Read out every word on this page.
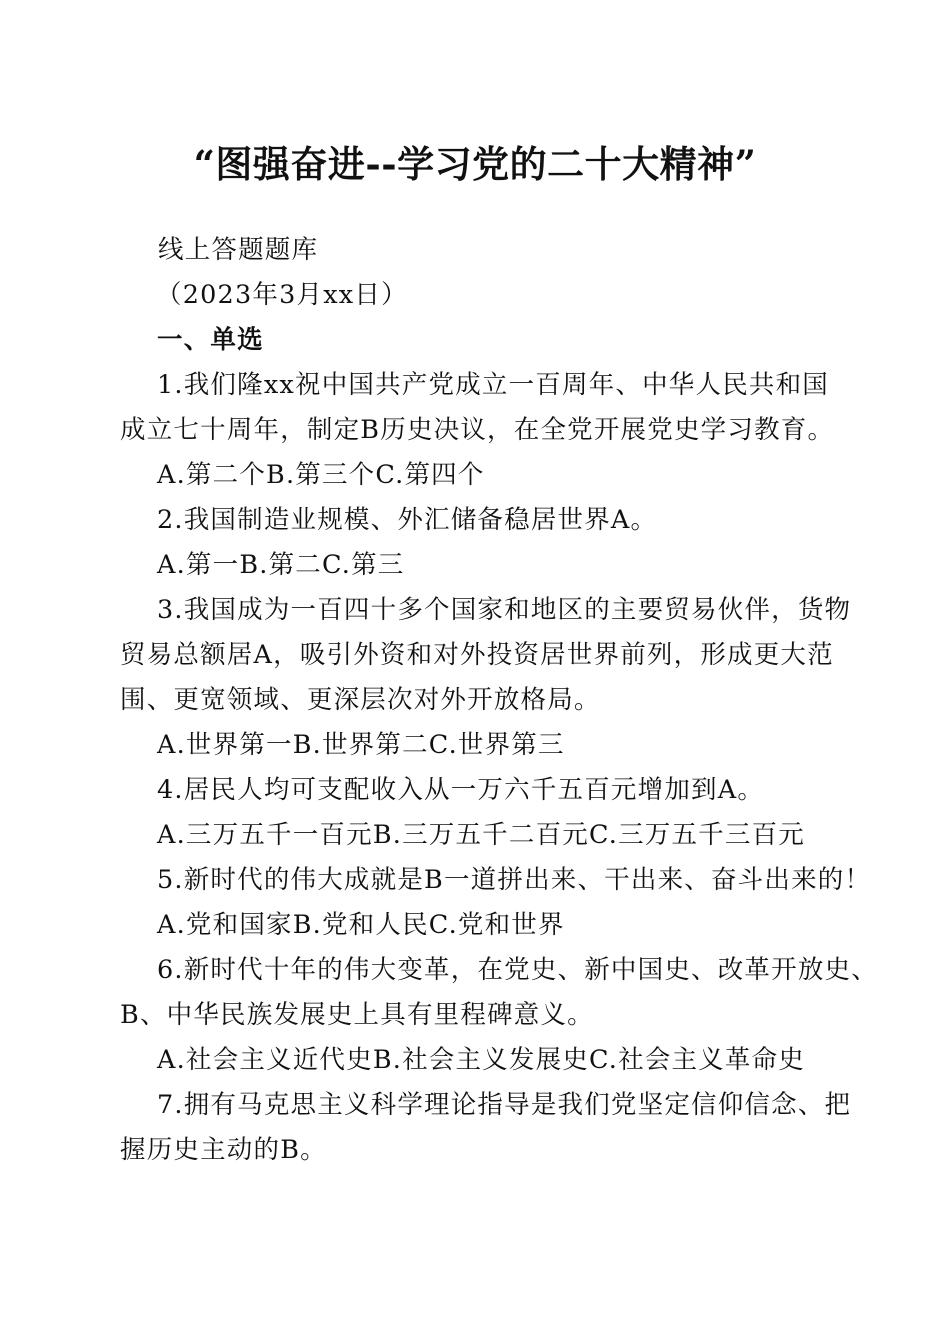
“图强奋进--学习党的二十大精神”
线上答题题库
（2023年3月xx日）
一、单选
1.我们隆xx祝中国共产党成立一百周年、中华人民共和国
成立七十周年，制定B历史决议，在全党开展党史学习教育。
A.第二个B.第三个C.第四个
2.我国制造业规模、外汇储备稳居世界A。
A.第一B.第二C.第三
3.我国成为一百四十多个国家和地区的主要贸易伙伴，货物
贸易总额居A，吸引外资和对外投资居世界前列，形成更大范
围、更宽领域、更深层次对外开放格局。
A.世界第一B.世界第二C.世界第三
4.居民人均可支配收入从一万六千五百元增加到A。
A.三万五千一百元B.三万五千二百元C.三万五千三百元
5.新时代的伟大成就是B一道拼出来、干出来、奋斗出来的！
A.党和国家B.党和人民C.党和世界
6.新时代十年的伟大变革，在党史、新中国史、改革开放史、
B、中华民族发展史上具有里程碑意义。
A.社会主义近代史B.社会主义发展史C.社会主义革命史
7.拥有马克思主义科学理论指导是我们党坚定信仰信念、把
握历史主动的B。
